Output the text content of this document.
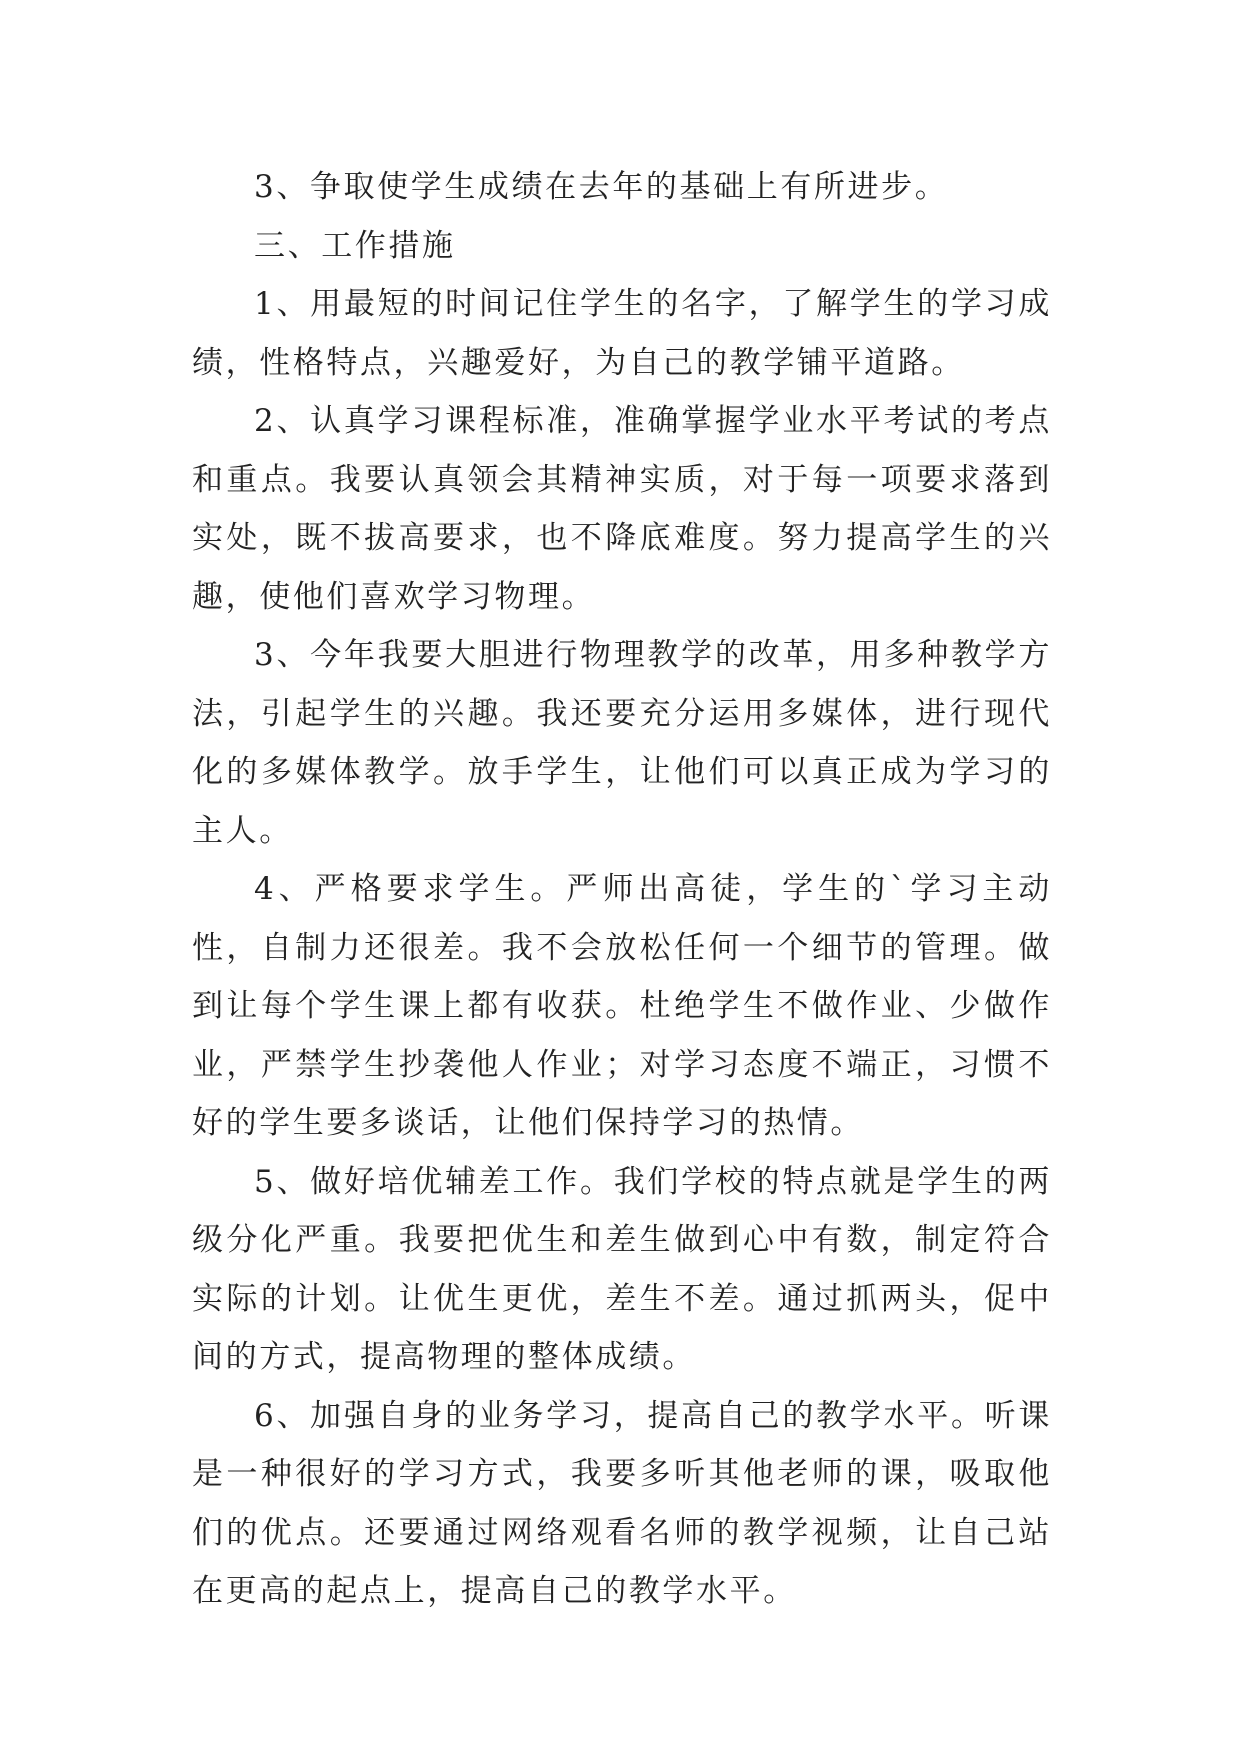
3、争取使学生成绩在去年的基础上有所进步。

三、工作措施

1、用最短的时间记住学生的名字，了解学生的学习成绩，性格特点，兴趣爱好，为自己的教学铺平道路。

2、认真学习课程标准，准确掌握学业水平考试的考点和重点。我要认真领会其精神实质，对于每一项要求落到实处，既不拔高要求，也不降底难度。努力提高学生的兴趣，使他们喜欢学习物理。

3、今年我要大胆进行物理教学的改革，用多种教学方法，引起学生的兴趣。我还要充分运用多媒体，进行现代化的多媒体教学。放手学生，让他们可以真正成为学习的主人。

4、严格要求学生。严师出高徒，学生的`学习主动性，自制力还很差。我不会放松任何一个细节的管理。做到让每个学生课上都有收获。杜绝学生不做作业、少做作业，严禁学生抄袭他人作业；对学习态度不端正，习惯不好的学生要多谈话，让他们保持学习的热情。

5、做好培优辅差工作。我们学校的特点就是学生的两级分化严重。我要把优生和差生做到心中有数，制定符合实际的计划。让优生更优，差生不差。通过抓两头，促中间的方式，提高物理的整体成绩。

6、加强自身的业务学习，提高自己的教学水平。听课是一种很好的学习方式，我要多听其他老师的课，吸取他们的优点。还要通过网络观看名师的教学视频，让自己站在更高的起点上，提高自己的教学水平。
